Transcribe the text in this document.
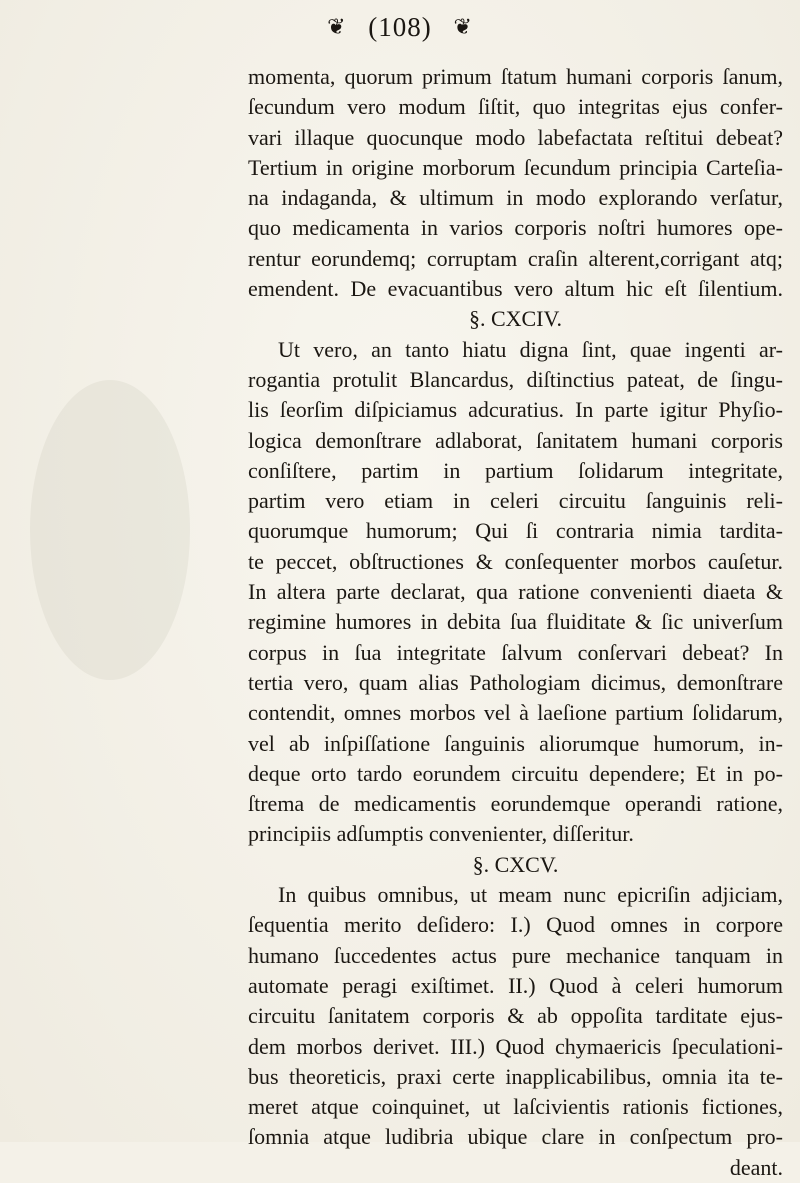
❦ (108) ❦
momenta, quorum primum ſtatum humani corporis ſanum,
ſecundum vero modum ſiſtit, quo integritas ejus confer-
vari illaque quocunque modo labefactata reſtitui debeat?
Tertium in origine morborum ſecundum principia Carteſia-
na indaganda, & ultimum in modo explorando verſatur,
quo medicamenta in varios corporis noſtri humores ope-
rentur eorundemq; corruptam craſin alterent,corrigant atq;
emendent. De evacuantibus vero altum hic eſt ſilentium.
§. CXCIV.
Ut vero, an tanto hiatu digna ſint, quae ingenti ar-
rogantia protulit Blancardus, diſtinctius pateat, de ſingu-
lis ſeorſim diſpiciamus adcuratius. In parte igitur Phyſio-
logica demonſtrare adlaborat, ſanitatem humani corporis
conſiſtere, partim in partium ſolidarum integritate,
partim vero etiam in celeri circuitu ſanguinis reli-
quorumque humorum; Qui ſi contraria nimia tardita-
te peccet, obſtructiones & conſequenter morbos cauſetur.
In altera parte declarat, qua ratione convenienti diaeta &
regimine humores in debita ſua fluiditate & ſic univerſum
corpus in ſua integritate ſalvum conſervari debeat? In
tertia vero, quam alias Pathologiam dicimus, demonſtrare
contendit, omnes morbos vel à laeſione partium ſolidarum,
vel ab inſpiſſatione ſanguinis aliorumque humorum, in-
deque orto tardo eorundem circuitu dependere; Et in po-
ſtrema de medicamentis eorundemque operandi ratione,
principiis adſumptis convenienter, diſſeritur.
§. CXCV.
In quibus omnibus, ut meam nunc epicriſin adjiciam,
ſequentia merito deſidero: I.) Quod omnes in corpore
humano ſuccedentes actus pure mechanice tanquam in
automate peragi exiſtimet. II.) Quod à celeri humorum
circuitu ſanitatem corporis & ab oppoſita tarditate ejus-
dem morbos derivet. III.) Quod chymaericis ſpeculationi-
bus theoreticis, praxi certe inapplicabilibus, omnia ita te-
meret atque coinquinet, ut laſcivientis rationis fictiones,
ſomnia atque ludibria ubique clare in conſpectum pro-
deant.
